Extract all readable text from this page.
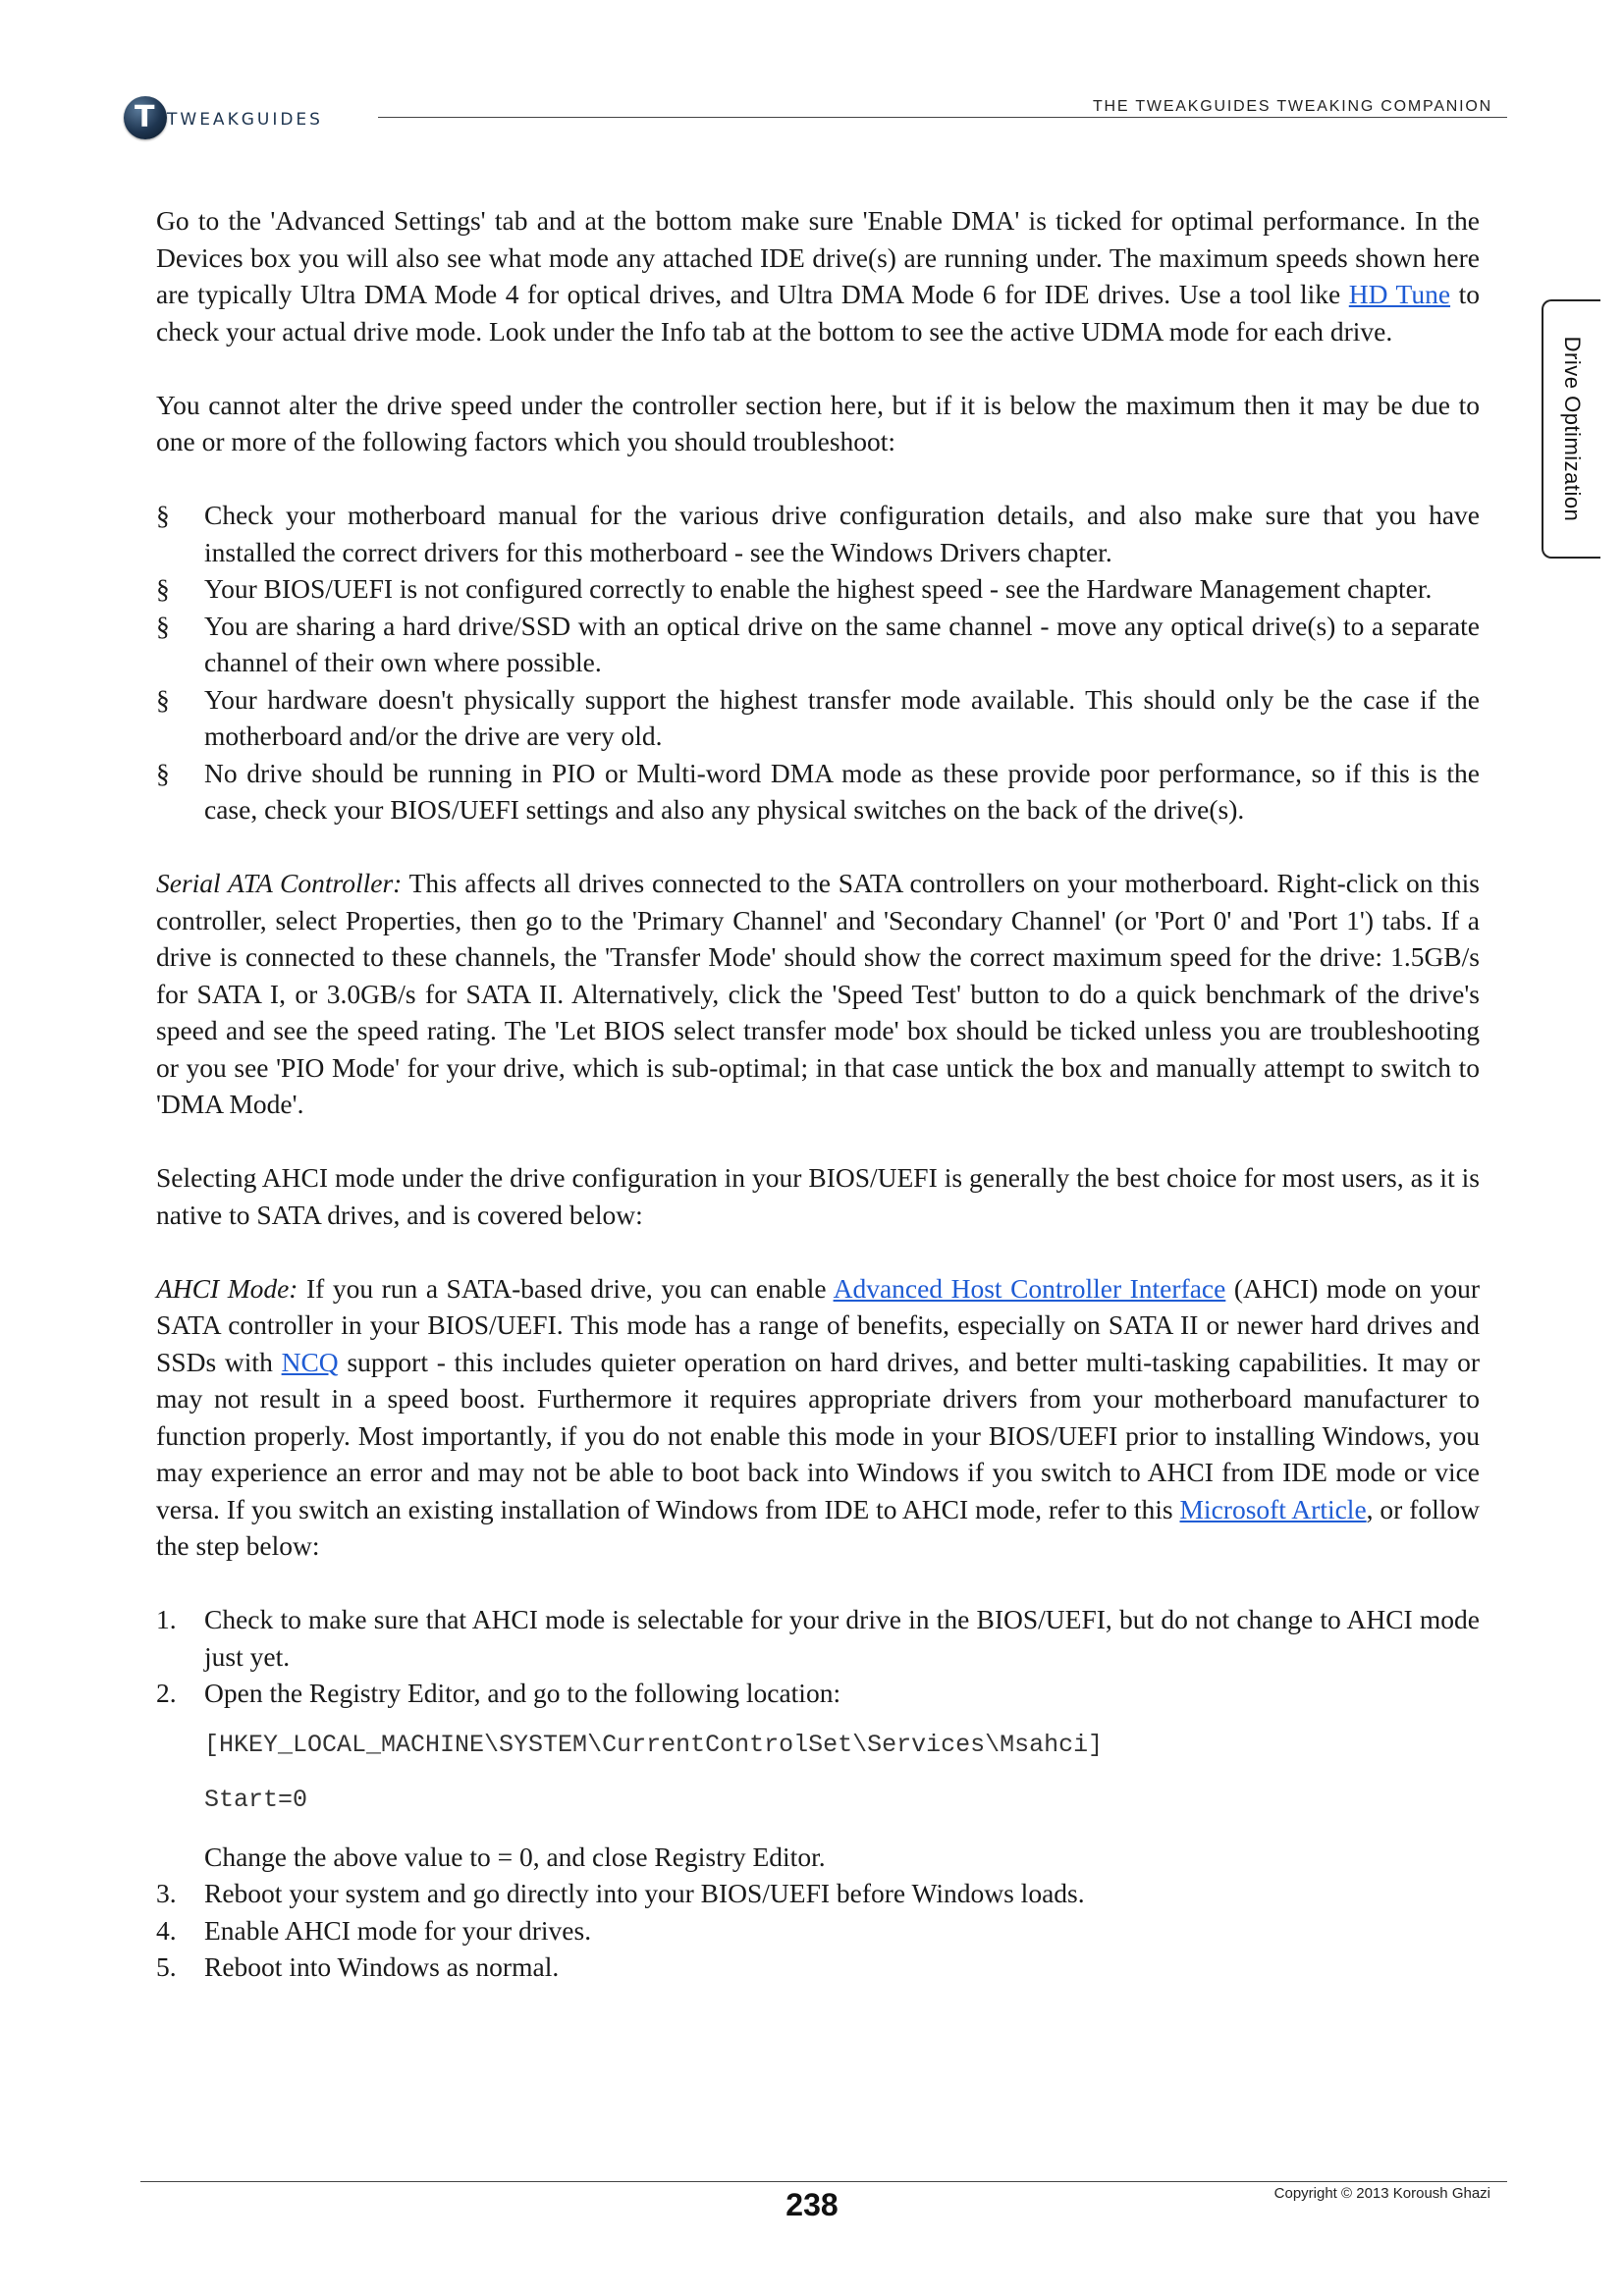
T TWEAKGUIDES
THE TWEAKGUIDES TWEAKING COMPANION
Drive Optimization

Go to the 'Advanced Settings' tab and at the bottom make sure 'Enable DMA' is ticked for optimal performance. In the Devices box you will also see what mode any attached IDE drive(s) are running under. The maximum speeds shown here are typically Ultra DMA Mode 4 for optical drives, and Ultra DMA Mode 6 for IDE drives. Use a tool like HD Tune to check your actual drive mode. Look under the Info tab at the bottom to see the active UDMA mode for each drive.

You cannot alter the drive speed under the controller section here, but if it is below the maximum then it may be due to one or more of the following factors which you should troubleshoot:

§ Check your motherboard manual for the various drive configuration details, and also make sure that you have installed the correct drivers for this motherboard - see the Windows Drivers chapter.
§ Your BIOS/UEFI is not configured correctly to enable the highest speed - see the Hardware Management chapter.
§ You are sharing a hard drive/SSD with an optical drive on the same channel - move any optical drive(s) to a separate channel of their own where possible.
§ Your hardware doesn't physically support the highest transfer mode available. This should only be the case if the motherboard and/or the drive are very old.
§ No drive should be running in PIO or Multi-word DMA mode as these provide poor performance, so if this is the case, check your BIOS/UEFI settings and also any physical switches on the back of the drive(s).

Serial ATA Controller: This affects all drives connected to the SATA controllers on your motherboard. Right-click on this controller, select Properties, then go to the 'Primary Channel' and 'Secondary Channel' (or 'Port 0' and 'Port 1') tabs. If a drive is connected to these channels, the 'Transfer Mode' should show the correct maximum speed for the drive: 1.5GB/s for SATA I, or 3.0GB/s for SATA II. Alternatively, click the 'Speed Test' button to do a quick benchmark of the drive's speed and see the speed rating. The 'Let BIOS select transfer mode' box should be ticked unless you are troubleshooting or you see 'PIO Mode' for your drive, which is sub-optimal; in that case untick the box and manually attempt to switch to 'DMA Mode'.

Selecting AHCI mode under the drive configuration in your BIOS/UEFI is generally the best choice for most users, as it is native to SATA drives, and is covered below:

AHCI Mode: If you run a SATA-based drive, you can enable Advanced Host Controller Interface (AHCI) mode on your SATA controller in your BIOS/UEFI. This mode has a range of benefits, especially on SATA II or newer hard drives and SSDs with NCQ support - this includes quieter operation on hard drives, and better multi-tasking capabilities. It may or may not result in a speed boost. Furthermore it requires appropriate drivers from your motherboard manufacturer to function properly. Most importantly, if you do not enable this mode in your BIOS/UEFI prior to installing Windows, you may experience an error and may not be able to boot back into Windows if you switch to AHCI from IDE mode or vice versa. If you switch an existing installation of Windows from IDE to AHCI mode, refer to this Microsoft Article, or follow the step below:

1. Check to make sure that AHCI mode is selectable for your drive in the BIOS/UEFI, but do not change to AHCI mode just yet.
2. Open the Registry Editor, and go to the following location:
[HKEY_LOCAL_MACHINE\SYSTEM\CurrentControlSet\Services\Msahci]
Start=0
Change the above value to = 0, and close Registry Editor.
3. Reboot your system and go directly into your BIOS/UEFI before Windows loads.
4. Enable AHCI mode for your drives.
5. Reboot into Windows as normal.
238	Copyright © 2013 Koroush Ghazi
